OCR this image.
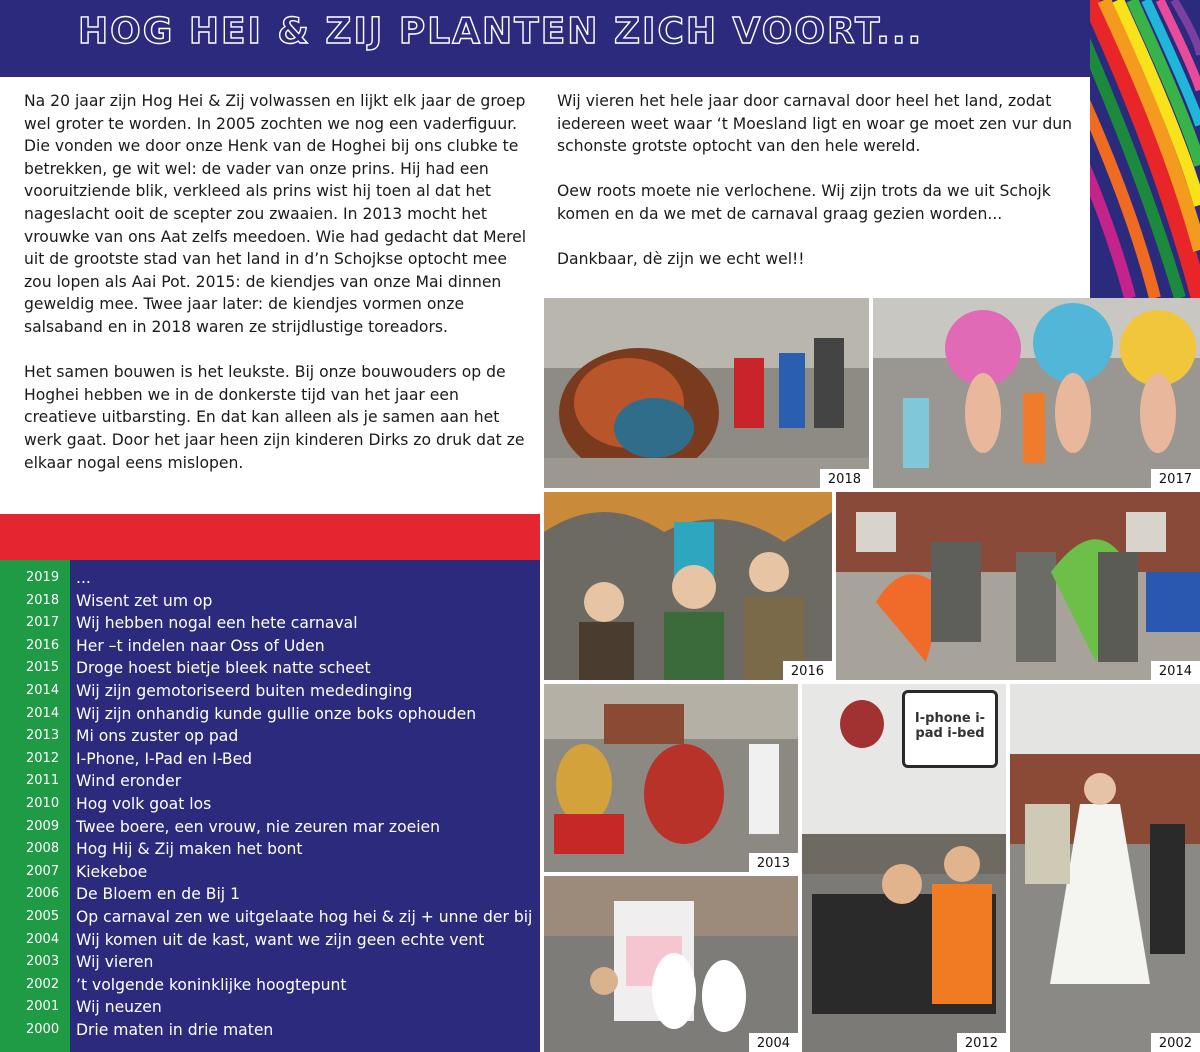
HOG HEI & ZIJ PLANTEN ZICH VOORT...

Na 20 jaar zijn Hog Hei & Zij volwassen en lijkt elk jaar de groep wel groter te worden. In 2005 zochten we nog een vaderfiguur. Die vonden we door onze Henk van de Hoghei bij ons clubke te betrekken, ge wit wel: de vader van onze prins. Hij had een vooruitziende blik, verkleed als prins wist hij toen al dat het nageslacht ooit de scepter zou zwaaien. In 2013 mocht het vrouwke van ons Aat zelfs meedoen. Wie had gedacht dat Merel uit de grootste stad van het land in d’n Schojkse optocht mee zou lopen als Aai Pot. 2015: de kiendjes van onze Mai dinnen geweldig mee. Twee jaar later: de kiendjes vormen onze salsaband en in 2018 waren ze strijdlustige toreadors.

Het samen bouwen is het leukste. Bij onze bouwouders op de Hoghei hebben we in de donkerste tijd van het jaar een creatieve uitbarsting. En dat kan alleen als je samen aan het werk gaat. Door het jaar heen zijn kinderen Dirks zo druk dat ze elkaar nogal eens mislopen.

Wij vieren het hele jaar door carnaval door heel het land, zodat iedereen weet waar ‘t Moesland ligt en woar ge moet zen vur dun schonste grotste optocht van den hele wereld.

Oew roots moete nie verlochene. Wij zijn trots da we uit Schojk komen en da we met de carnaval graag gezien worden...

Dankbaar, dè zijn we echt wel!!

2019 ...
2018 Wisent zet um op
2017 Wij hebben nogal een hete carnaval
2016 Her –t indelen naar Oss of Uden
2015 Droge hoest bietje bleek natte scheet
2014 Wij zijn gemotoriseerd buiten mededinging
2014 Wij zijn onhandig kunde gullie onze boks ophouden
2013 Mi ons zuster op pad
2012 I-Phone, I-Pad en I-Bed
2011 Wind eronder
2010 Hog volk goat los
2009 Twee boere, een vrouw, nie zeuren mar zoeien
2008 Hog Hij & Zij maken het bont
2007 Kiekeboe
2006 De Bloem en de Bij 1
2005 Op carnaval zen we uitgelaate hog hei & zij + unne der bij
2004 Wij komen uit de kast, want we zijn geen echte vent
2003 Wij vieren
2002 ’t volgende koninklijke hoogtepunt
2001 Wij neuzen
2000 Drie maten in drie maten
2018	2017
2016	2014
2013
I-phone i-pad i-bed
2012	2002
2004
